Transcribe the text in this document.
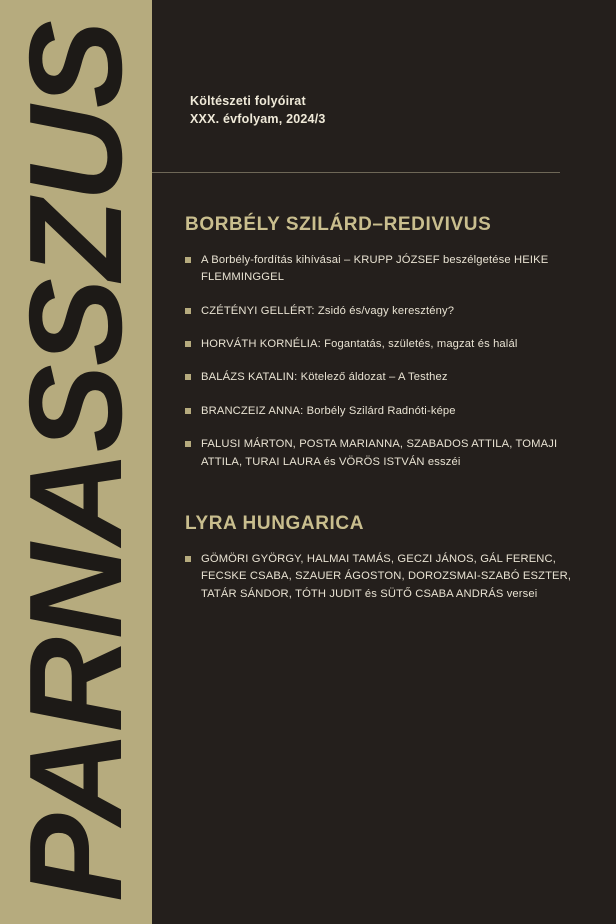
PARNASSZUS	Költészeti folyóirat
XXX. évfolyam, 2024/3
BORBÉLY SZILÁRD–REDIVIVUS
A Borbély-fordítás kihívásai – KRUPP JÓZSEF beszélgetése HEIKE FLEMMINGGEL
CZÉTÉNYI GELLÉRT: Zsidó és/vagy keresztény?
HORVÁTH KORNÉLIA: Fogantatás, születés, magzat és halál
BALÁZS KATALIN: Kötelező áldozat – A Testhez
BRANCZEIZ ANNA: Borbély Szilárd Radnóti-képe
FALUSI MÁRTON, POSTA MARIANNA, SZABADOS ATTILA, TOMAJI ATTILA, TURAI LAURA és VÖRÖS ISTVÁN esszéi
LYRA HUNGARICA
GÖMÖRI GYÖRGY, HALMAI TAMÁS, GECZI JÁNOS, GÁL FERENC, FECSKE CSABA, SZAUER ÁGOSTON, DOROZSMAI-SZABÓ ESZTER, TATÁR SÁNDOR, TÓTH JUDIT és SÜTŐ CSABA ANDRÁS versei
